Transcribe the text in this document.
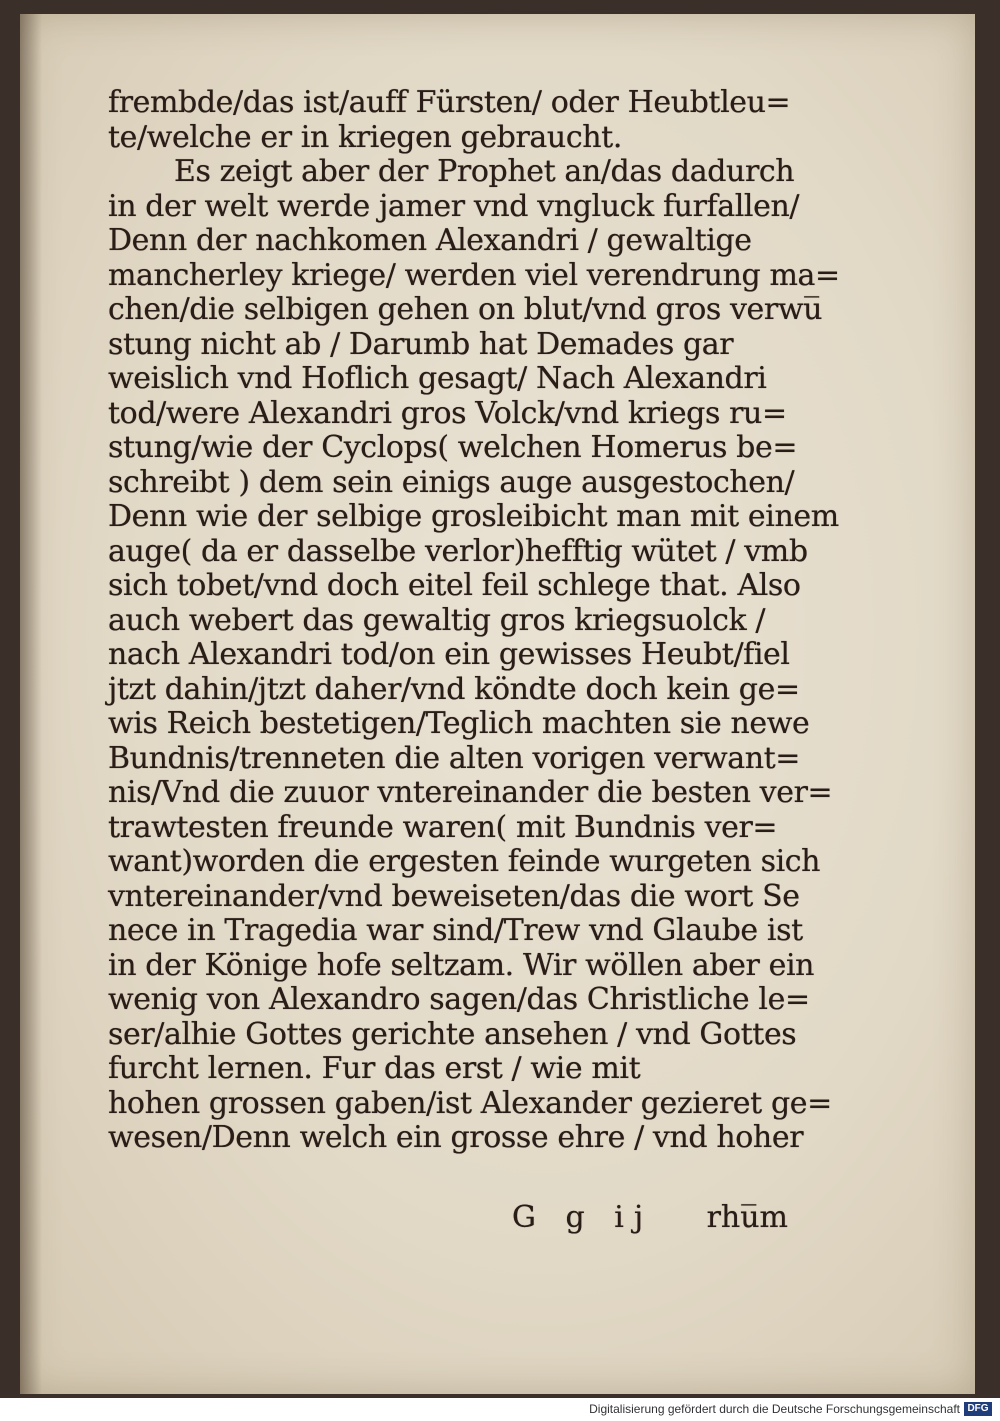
frembde/das ist/auff Fürsten/ oder Heubtleu=
te/welche er in kriegen gebraucht.
Es zeigt aber der Prophet an/das dadurch
in der welt werde jamer vnd vngluck furfallen/
Denn der nachkomen Alexandri / gewaltige
mancherley kriege/ werden viel verendrung ma=
chen/die selbigen gehen on blut/vnd gros verwu̅
stung nicht ab / Darumb hat Demades gar
weislich vnd Hoflich gesagt/ Nach Alexandri
tod/were Alexandri gros Volck/vnd kriegs ru=
stung/wie der Cyclops( welchen Homerus be=
schreibt ) dem sein einigs auge ausgestochen/
Denn wie der selbige grosleibicht man mit einem
auge( da er dasselbe verlor)hefftig wütet / vmb
sich tobet/vnd doch eitel feil schlege that. Also
auch webert das gewaltig gros kriegsuolck /
nach Alexandri tod/on ein gewisses Heubt/fiel
jtzt dahin/jtzt daher/vnd köndte doch kein ge=
wis Reich bestetigen/Teglich machten sie newe
Bundnis/trenneten die alten vorigen verwant=
nis/Vnd die zuuor vntereinander die besten ver=
trawtesten freunde waren( mit Bundnis ver=
want)worden die ergesten feinde wurgeten sich
vntereinander/vnd beweiseten/das die wort Se
nece in Tragedia war sind/Trew vnd Glaube ist
in der Könige hofe seltzam. Wir wöllen aber ein
wenig von Alexandro sagen/das Christliche le=
ser/alhie Gottes gerichte ansehen / vnd Gottes
furcht lernen. Fur das erst / wie mit
hohen grossen gaben/ist Alexander gezieret ge=
wesen/Denn welch ein grosse ehre / vnd hoher
G g ij rhu̅m
Digitalisierung gefördert durch die Deutsche Forschungsgemeinschaft DFG
